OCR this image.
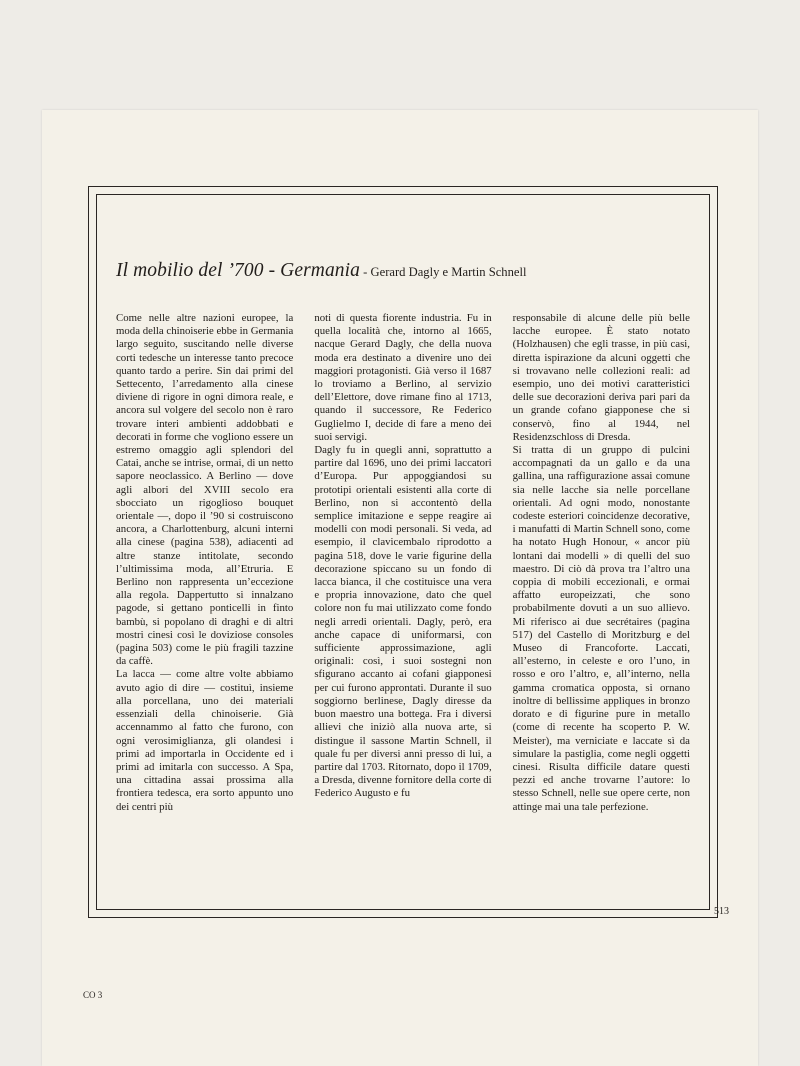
Il mobilio del ’700 - Germania - Gerard Dagly e Martin Schnell

Come nelle altre nazioni europee, la moda della chinoiserie ebbe in Germania largo seguito, suscitando nelle diverse corti tedesche un interesse tanto precoce quanto tardo a perire. Sin dai primi del Settecento, l’arredamento alla cinese diviene di rigore in ogni dimora reale, e ancora sul volgere del secolo non è raro trovare interi ambienti addobbati e decorati in forme che vogliono essere un estremo omaggio agli splendori del Catai, anche se intrise, ormai, di un netto sapore neoclassico. A Berlino — dove agli albori del XVIII secolo era sbocciato un rigoglioso bouquet orientale —, dopo il ’90 si costruiscono ancora, a Charlottenburg, alcuni interni alla cinese (pagina 538), adiacenti ad altre stanze intitolate, secondo l’ultimissima moda, all’Etruria. E Berlino non rappresenta un’eccezione alla regola. Dappertutto si innalzano pagode, si gettano ponticelli in finto bambù, si popolano di draghi e di altri mostri cinesi così le doviziose consoles (pagina 503) come le più fragili tazzine da caffè.

La lacca — come altre volte abbiamo avuto agio di dire — costituì, insieme alla porcellana, uno dei materiali essenziali della chinoiserie. Già accennammo al fatto che furono, con ogni verosimiglianza, gli olandesi i primi ad importarla in Occidente ed i primi ad imitarla con successo. A Spa, una cittadina assai prossima alla frontiera tedesca, era sorto appunto uno dei centri più

noti di questa fiorente industria. Fu in quella località che, intorno al 1665, nacque Gerard Dagly, che della nuova moda era destinato a divenire uno dei maggiori protagonisti. Già verso il 1687 lo troviamo a Berlino, al servizio dell’Elettore, dove rimane fino al 1713, quando il successore, Re Federico Guglielmo I, decide di fare a meno dei suoi servigi.

Dagly fu in quegli anni, soprattutto a partire dal 1696, uno dei primi laccatori d’Europa. Pur appoggiandosi su prototipi orientali esistenti alla corte di Berlino, non si accontentò della semplice imitazione e seppe reagire ai modelli con modi personali. Si veda, ad esempio, il clavicembalo riprodotto a pagina 518, dove le varie figurine della decorazione spiccano su un fondo di lacca bianca, il che costituisce una vera e propria innovazione, dato che quel colore non fu mai utilizzato come fondo negli arredi orientali. Dagly, però, era anche capace di uniformarsi, con sufficiente approssimazione, agli originali: così, i suoi sostegni non sfigurano accanto ai cofani giapponesi per cui furono approntati. Durante il suo soggiorno berlinese, Dagly diresse da buon maestro una bottega. Fra i diversi allievi che iniziò alla nuova arte, si distingue il sassone Martin Schnell, il quale fu per diversi anni presso di lui, a partire dal 1703. Ritornato, dopo il 1709, a Dresda, divenne fornitore della corte di Federico Augusto e fu

responsabile di alcune delle più belle lacche europee. È stato notato (Holzhausen) che egli trasse, in più casi, diretta ispirazione da alcuni oggetti che si trovavano nelle collezioni reali: ad esempio, uno dei motivi caratteristici delle sue decorazioni deriva pari pari da un grande cofano giapponese che si conservò, fino al 1944, nel Residenzschloss di Dresda.

Si tratta di un gruppo di pulcini accompagnati da un gallo e da una gallina, una raffigurazione assai comune sia nelle lacche sia nelle porcellane orientali. Ad ogni modo, nonostante codeste esteriori coincidenze decorative, i manufatti di Martin Schnell sono, come ha notato Hugh Honour, « ancor più lontani dai modelli » di quelli del suo maestro. Di ciò dà prova tra l’altro una coppia di mobili eccezionali, e ormai affatto europeizzati, che sono probabilmente dovuti a un suo allievo. Mi riferisco ai due secrétaires (pagina 517) del Castello di Moritzburg e del Museo di Francoforte. Laccati, all’esterno, in celeste e oro l’uno, in rosso e oro l’altro, e, all’interno, nella gamma cromatica opposta, si ornano inoltre di bellissime appliques in bronzo dorato e di figurine pure in metallo (come di recente ha scoperto P. W. Meister), ma verniciate e laccate sì da simulare la pastiglia, come negli oggetti cinesi. Risulta difficile datare questi pezzi ed anche trovarne l’autore: lo stesso Schnell, nelle sue opere certe, non attinge mai una tale perfezione.

513
CO 3
